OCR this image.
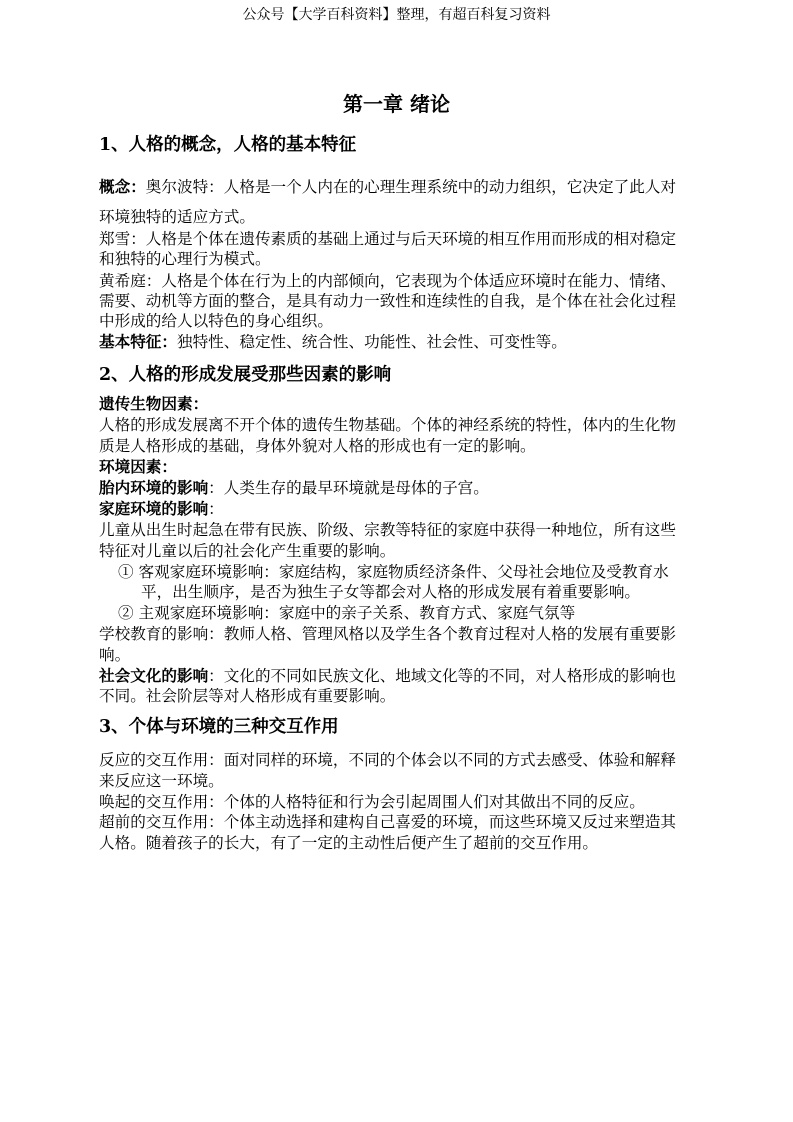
公众号【大学百科资料】整理，有超百科复习资料
第一章 绪论
1、人格的概念，人格的基本特征
概念：奥尔波特：人格是一个人内在的心理生理系统中的动力组织，它决定了此人对
环境独特的适应方式。
郑雪：人格是个体在遗传素质的基础上通过与后天环境的相互作用而形成的相对稳定
和独特的心理行为模式。
黄希庭：人格是个体在行为上的内部倾向，它表现为个体适应环境时在能力、情绪、
需要、动机等方面的整合，是具有动力一致性和连续性的自我，是个体在社会化过程
中形成的给人以特色的身心组织。
基本特征：独特性、稳定性、统合性、功能性、社会性、可变性等。
2、人格的形成发展受那些因素的影响
遗传生物因素：
人格的形成发展离不开个体的遗传生物基础。个体的神经系统的特性，体内的生化物
质是人格形成的基础，身体外貌对人格的形成也有一定的影响。
环境因素：
胎内环境的影响：人类生存的最早环境就是母体的子宫。
家庭环境的影响：
儿童从出生时起急在带有民族、阶级、宗教等特征的家庭中获得一种地位，所有这些
特征对儿童以后的社会化产生重要的影响。
① 客观家庭环境影响：家庭结构，家庭物质经济条件、父母社会地位及受教育水
平，出生顺序，是否为独生子女等都会对人格的形成发展有着重要影响。
② 主观家庭环境影响：家庭中的亲子关系、教育方式、家庭气氛等
学校教育的影响：教师人格、管理风格以及学生各个教育过程对人格的发展有重要影
响。
社会文化的影响：文化的不同如民族文化、地域文化等的不同，对人格形成的影响也
不同。社会阶层等对人格形成有重要影响。
3、个体与环境的三种交互作用
反应的交互作用：面对同样的环境，不同的个体会以不同的方式去感受、体验和解释
来反应这一环境。
唤起的交互作用：个体的人格特征和行为会引起周围人们对其做出不同的反应。
超前的交互作用：个体主动选择和建构自己喜爱的环境，而这些环境又反过来塑造其
人格。随着孩子的长大，有了一定的主动性后便产生了超前的交互作用。
